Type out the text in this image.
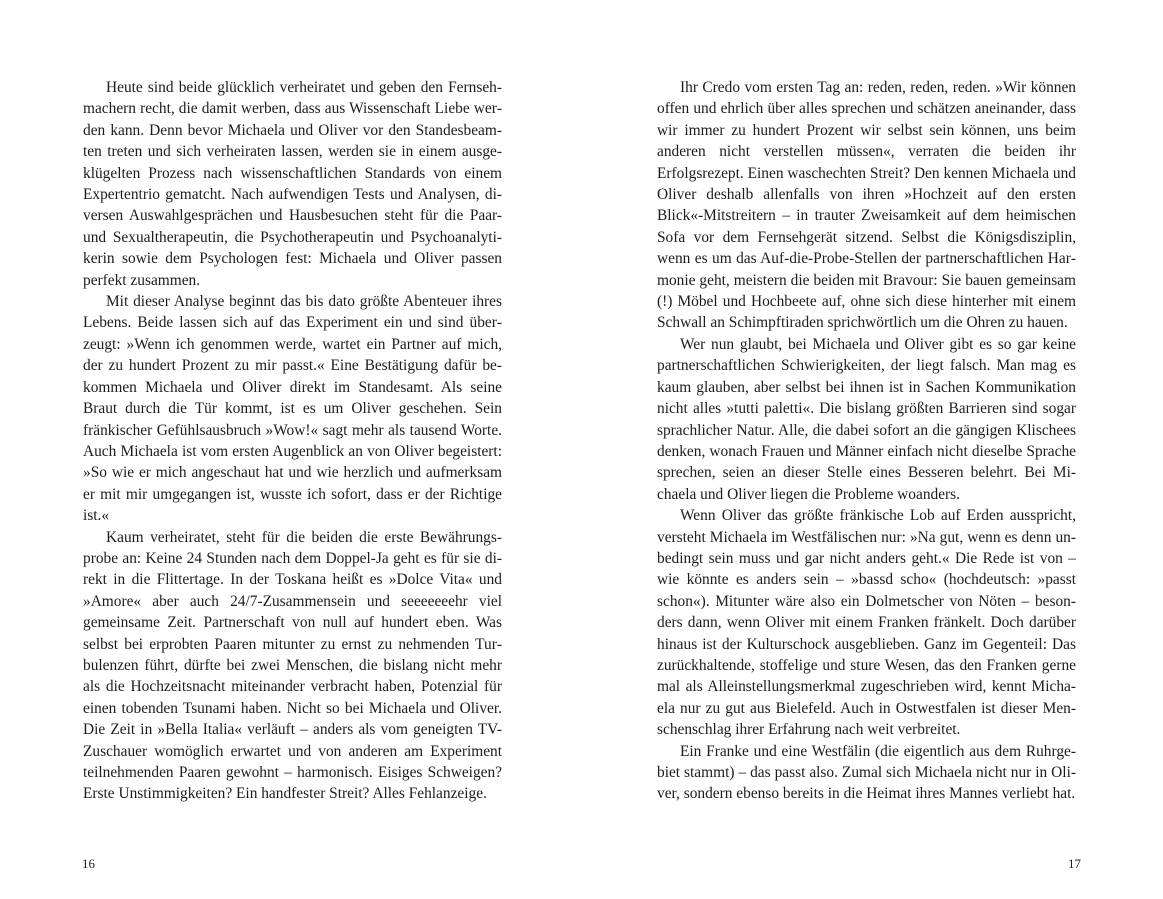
Heute sind beide glücklich verheiratet und geben den Fernsehmachern recht, die damit werben, dass aus Wissenschaft Liebe werden kann. Denn bevor Michaela und Oliver vor den Standesbeamten treten und sich verheiraten lassen, werden sie in einem ausgeklügelten Prozess nach wissenschaftlichen Standards von einem Expertentrio gematcht. Nach aufwendigen Tests und Analysen, diversen Auswahlgesprächen und Hausbesuchen steht für die Paar- und Sexualtherapeutin, die Psychotherapeutin und Psychoanalytikerin sowie dem Psychologen fest: Michaela und Oliver passen perfekt zusammen.

Mit dieser Analyse beginnt das bis dato größte Abenteuer ihres Lebens. Beide lassen sich auf das Experiment ein und sind überzeugt: »Wenn ich genommen werde, wartet ein Partner auf mich, der zu hundert Prozent zu mir passt.« Eine Bestätigung dafür bekommen Michaela und Oliver direkt im Standesamt. Als seine Braut durch die Tür kommt, ist es um Oliver geschehen. Sein fränkischer Gefühlsausbruch »Wow!« sagt mehr als tausend Worte. Auch Michaela ist vom ersten Augenblick an von Oliver begeistert: »So wie er mich angeschaut hat und wie herzlich und aufmerksam er mit mir umgegangen ist, wusste ich sofort, dass er der Richtige ist.«

Kaum verheiratet, steht für die beiden die erste Bewährungsprobe an: Keine 24 Stunden nach dem Doppel-Ja geht es für sie direkt in die Flittertage. In der Toskana heißt es »Dolce Vita« und »Amore« aber auch 24/7-Zusammensein und seeeeeeehr viel gemeinsame Zeit. Partnerschaft von null auf hundert eben. Was selbst bei erprobten Paaren mitunter zu ernst zu nehmenden Turbulenzen führt, dürfte bei zwei Menschen, die bislang nicht mehr als die Hochzeitsnacht miteinander verbracht haben, Potenzial für einen tobenden Tsunami haben. Nicht so bei Michaela und Oliver. Die Zeit in »Bella Italia« verläuft – anders als vom geneigten TV-Zuschauer womöglich erwartet und von anderen am Experiment teilnehmenden Paaren gewohnt – harmonisch. Eisiges Schweigen? Erste Unstimmigkeiten? Ein handfester Streit? Alles Fehlanzeige.

16

Ihr Credo vom ersten Tag an: reden, reden, reden. »Wir können offen und ehrlich über alles sprechen und schätzen aneinander, dass wir immer zu hundert Prozent wir selbst sein können, uns beim anderen nicht verstellen müssen«, verraten die beiden ihr Erfolgsrezept. Einen waschechten Streit? Den kennen Michaela und Oliver deshalb allenfalls von ihren »Hochzeit auf den ersten Blick«-Mitstreitern – in trauter Zweisamkeit auf dem heimischen Sofa vor dem Fernsehgerät sitzend. Selbst die Königsdisziplin, wenn es um das Auf-die-Probe-Stellen der partnerschaftlichen Harmonie geht, meistern die beiden mit Bravour: Sie bauen gemeinsam (!) Möbel und Hochbeete auf, ohne sich diese hinterher mit einem Schwall an Schimpftiraden sprichwörtlich um die Ohren zu hauen.

Wer nun glaubt, bei Michaela und Oliver gibt es so gar keine partnerschaftlichen Schwierigkeiten, der liegt falsch. Man mag es kaum glauben, aber selbst bei ihnen ist in Sachen Kommunikation nicht alles »tutti paletti«. Die bislang größten Barrieren sind sogar sprachlicher Natur. Alle, die dabei sofort an die gängigen Klischees denken, wonach Frauen und Männer einfach nicht dieselbe Sprache sprechen, seien an dieser Stelle eines Besseren belehrt. Bei Michaela und Oliver liegen die Probleme woanders.

Wenn Oliver das größte fränkische Lob auf Erden ausspricht, versteht Michaela im Westfälischen nur: »Na gut, wenn es denn unbedingt sein muss und gar nicht anders geht.« Die Rede ist von – wie könnte es anders sein – »bassd scho« (hochdeutsch: »passt schon«). Mitunter wäre also ein Dolmetscher von Nöten – besonders dann, wenn Oliver mit einem Franken fränkelt. Doch darüber hinaus ist der Kulturschock ausgeblieben. Ganz im Gegenteil: Das zurückhaltende, stoffelige und sture Wesen, das den Franken gerne mal als Alleinstellungsmerkmal zugeschrieben wird, kennt Michaela nur zu gut aus Bielefeld. Auch in Ostwestfalen ist dieser Menschenschlag ihrer Erfahrung nach weit verbreitet.

Ein Franke und eine Westfälin (die eigentlich aus dem Ruhrgebiet stammt) – das passt also. Zumal sich Michaela nicht nur in Oliver, sondern ebenso bereits in die Heimat ihres Mannes verliebt hat.

17
